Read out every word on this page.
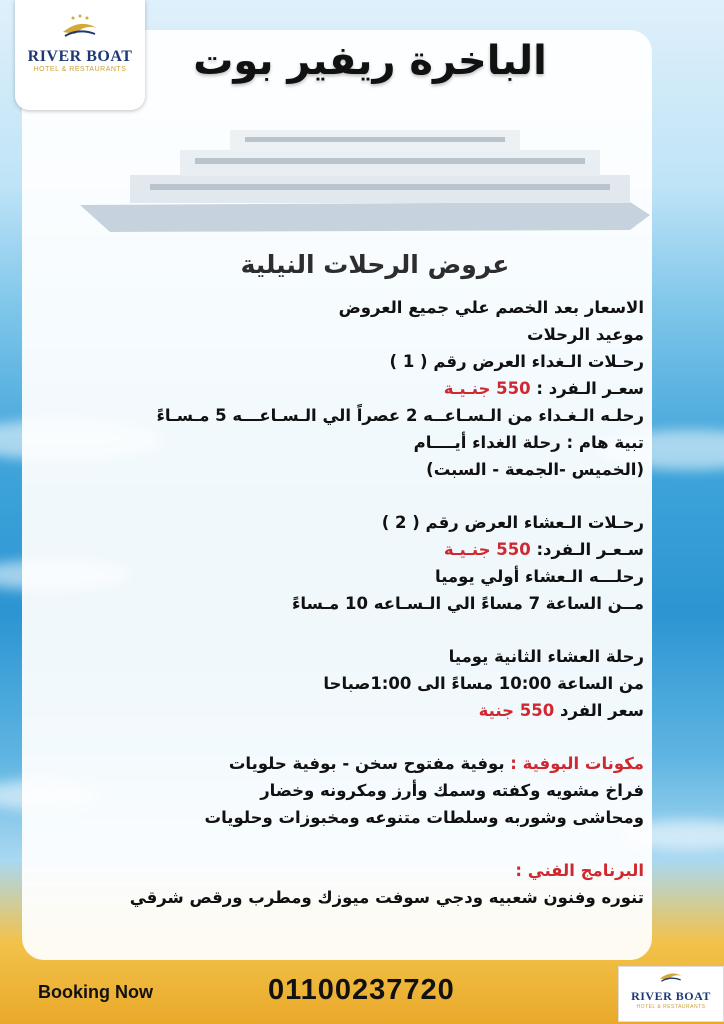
RIVER BOAT
HOTEL & RESTAURANTS	الباخرة ريفير بوت
عروض الرحلات النيلية
الاسعار بعد الخصم علي جميع العروض
موعيد الرحلات
رحـلات الـغداء العرض رقم ( 1 )
سعـر الـفرد : 550 جنـيـة
رحلـه الـغـداء من الـسـاعــه 2 عصراً الي الـسـاعـــه 5 مـسـاءً
تبية هام : رحلة الغداء أيــــام
(الخميس -الجمعة - السبت)
رحـلات الـعشاء العرض رقم ( 2 )
سـعـر الـفرد: 550 جنـيـة
رحلـــه الـعشاء أولي يوميا
مــن الساعة 7 مساءً الي الـسـاعه 10 مـساءً
رحلة العشاء الثانية يوميا
من الساعة 10:00 مساءً الى 1:00صباحا
سعر الفرد 550 جنية
مكونات البوفية : بوفية مفتوح سخن - بوفية حلويات
فراخ مشويه وكفته وسمك وأرز ومكرونه وخضار
ومحاشى وشوربه وسلطات متنوعه ومخبوزات وحلويات
البرنامج الفني :
تنوره وفنون شعبيه ودجي سوفت ميوزك ومطرب ورقص شرقي
Booking Now	01100237720	RIVER BOAT
HOTEL & RESTAURANTS
